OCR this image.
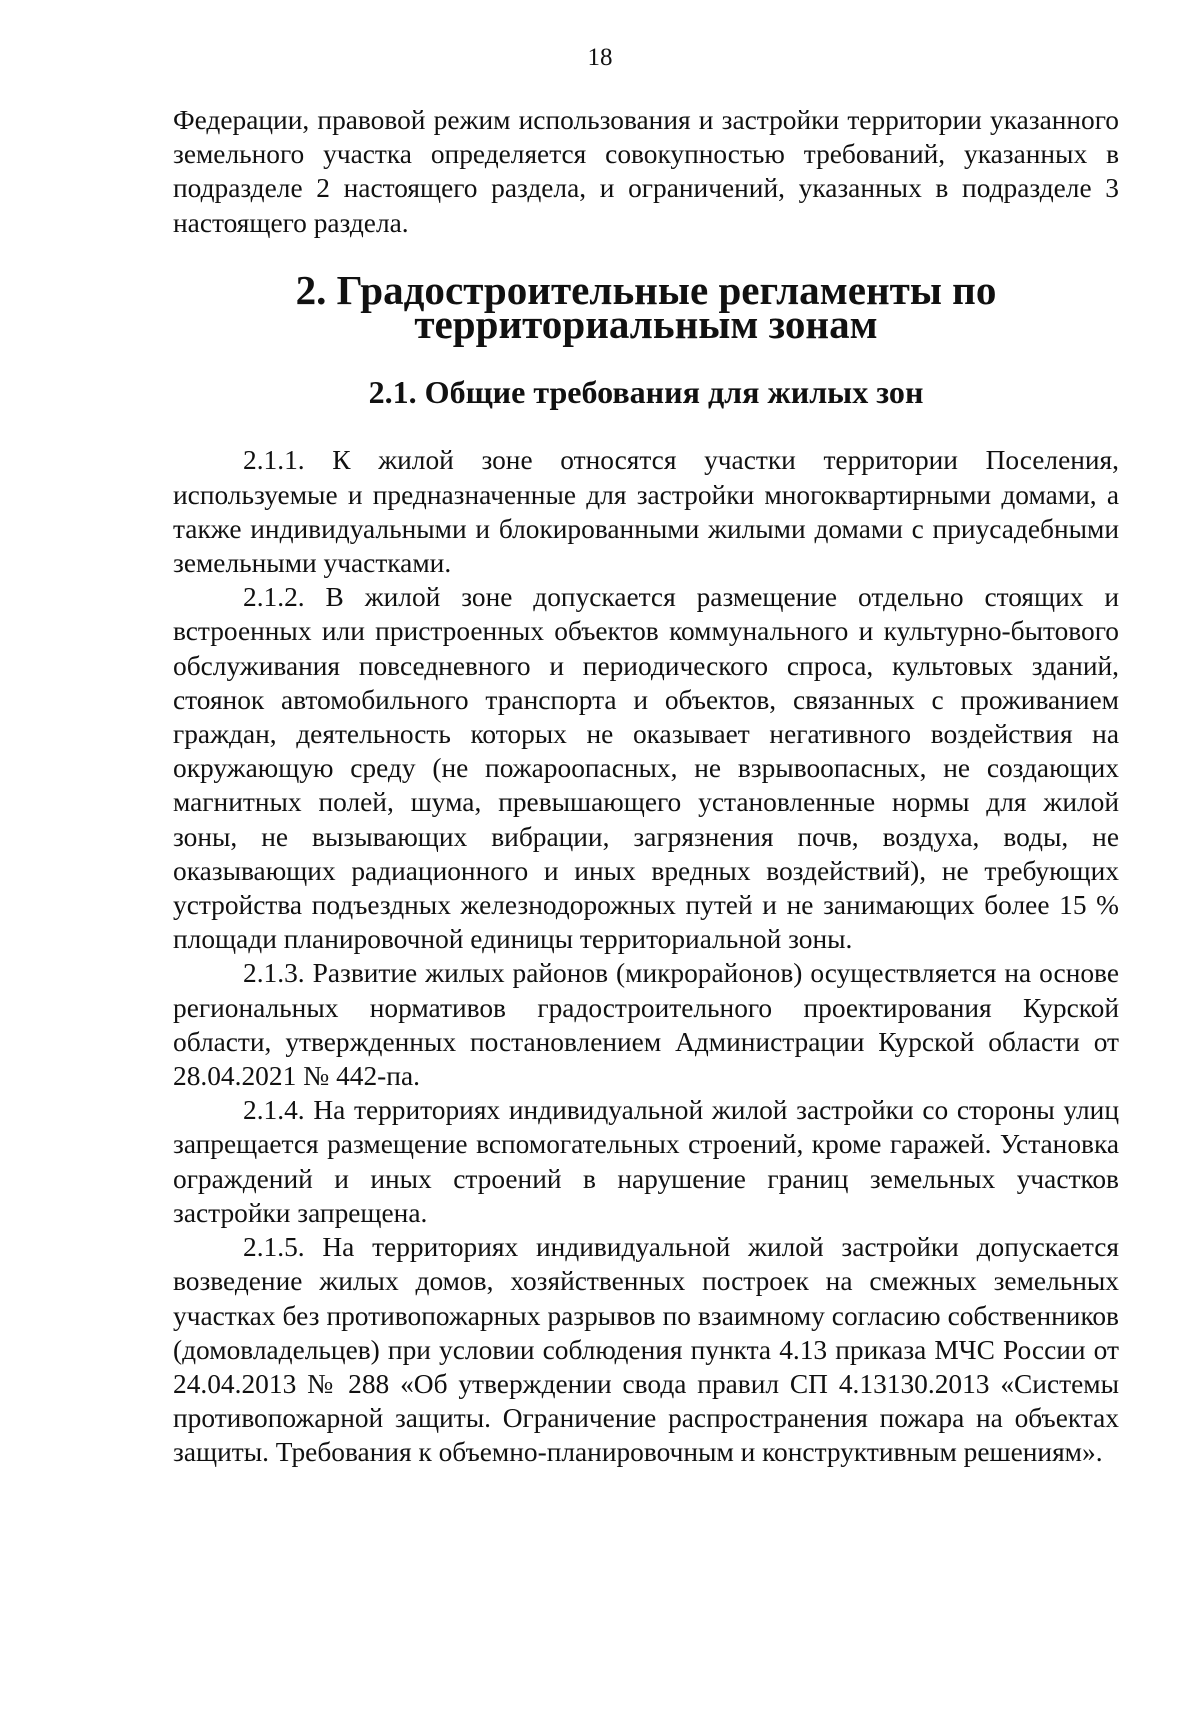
18

Федерации, правовой режим использования и застройки территории указанного земельного участка определяется совокупностью требований, указанных в подразделе 2 настоящего раздела, и ограничений, указанных в подразделе 3 настоящего раздела.

2. Градостроительные регламенты по территориальным зонам
2.1. Общие требования для жилых зон

2.1.1. К жилой зоне относятся участки территории Поселения, используемые и предназначенные для застройки многоквартирными домами, а также индивидуальными и блокированными жилыми домами с приусадебными земельными участками.

2.1.2. В жилой зоне допускается размещение отдельно стоящих и встроенных или пристроенных объектов коммунального и культурно-бытового обслуживания повседневного и периодического спроса, культовых зданий, стоянок автомобильного транспорта и объектов, связанных с проживанием граждан, деятельность которых не оказывает негативного воздействия на окружающую среду (не пожароопасных, не взрывоопасных, не создающих магнитных полей, шума, превышающего установленные нормы для жилой зоны, не вызывающих вибрации, загрязнения почв, воздуха, воды, не оказывающих радиационного и иных вредных воздействий), не требующих устройства подъездных железнодорожных путей и не занимающих более 15 % площади планировочной единицы территориальной зоны.

2.1.3. Развитие жилых районов (микрорайонов) осуществляется на основе региональных нормативов градостроительного проектирования Курской области, утвержденных постановлением Администрации Курской области от 28.04.2021 № 442-па.

2.1.4. На территориях индивидуальной жилой застройки со стороны улиц запрещается размещение вспомогательных строений, кроме гаражей. Установка ограждений и иных строений в нарушение границ земельных участков застройки запрещена.

2.1.5. На территориях индивидуальной жилой застройки допускается возведение жилых домов, хозяйственных построек на смежных земельных участках без противопожарных разрывов по взаимному согласию собственников (домовладельцев) при условии соблюдения пункта 4.13 приказа МЧС России от 24.04.2013 № 288 «Об утверждении свода правил СП 4.13130.2013 «Системы противопожарной защиты. Ограничение распространения пожара на объектах защиты. Требования к объемно-планировочным и конструктивным решениям».
